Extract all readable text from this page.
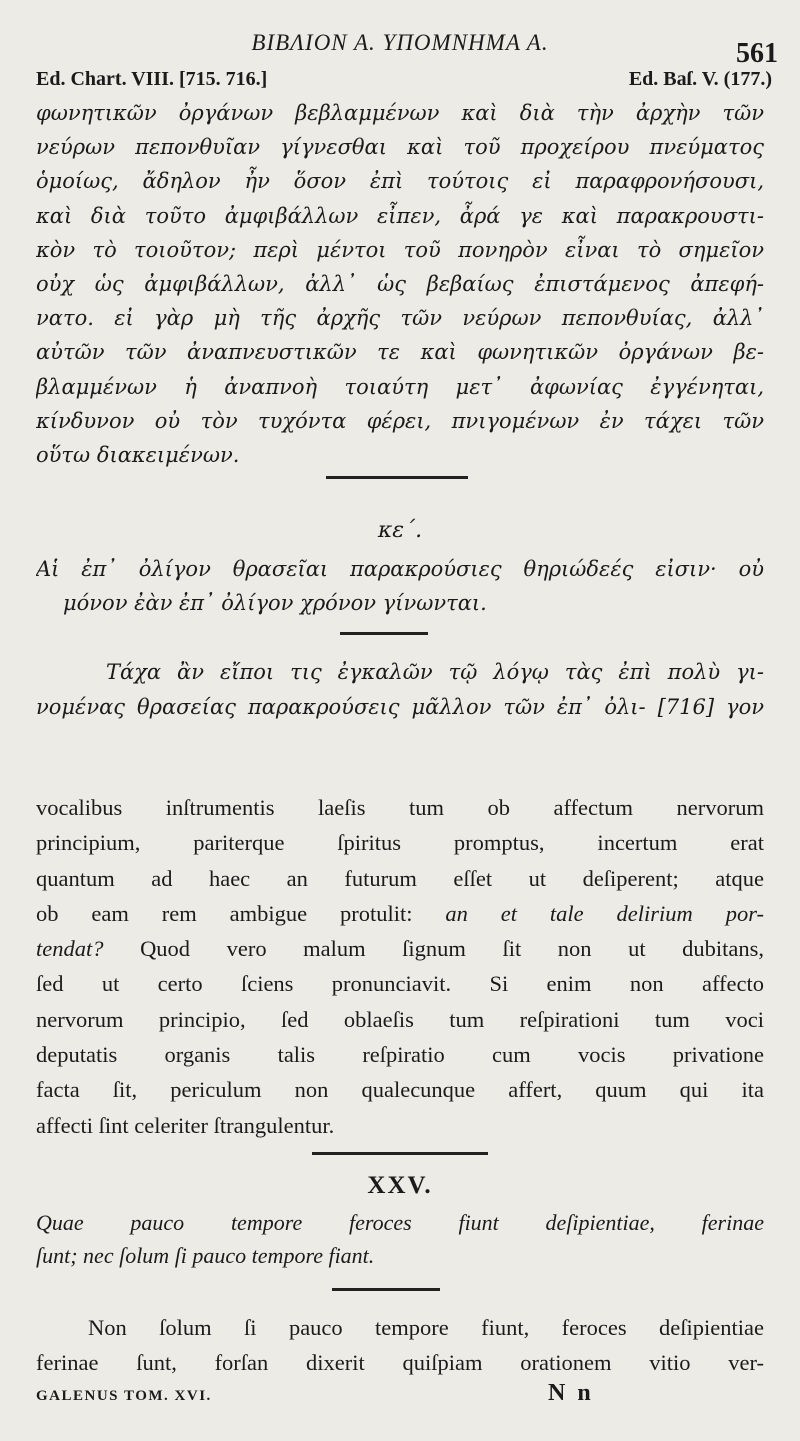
ΒΙΒΛΙΟΝ Α. ΥΠΟΜΝΗΜΑ Α.	561
Ed. Chart. VIII. [715. 716.]	Ed. Baſ. V. (177.)
φωνητικῶν ὀργάνων βεβλαμμένων καὶ διὰ τὴν ἀρχὴν τῶν
νεύρων πεπονθυῖαν γίγνεσθαι καὶ τοῦ προχείρου πνεύματος
ὁμοίως, ἄδηλον ἦν ὅσον ἐπὶ τούτοις εἰ παραφρονήσουσι,
καὶ διὰ τοῦτο ἀμφιβάλλων εἶπεν, ἆρά γε καὶ παρακρουστι-
κὸν τὸ τοιοῦτον; περὶ μέντοι τοῦ πονηρὸν εἶναι τὸ σημεῖον
οὐχ ὡς ἀμφιβάλλων, ἀλλ᾽ ὡς βεβαίως ἐπιστάμενος ἀπεφή-
νατο. εἰ γὰρ μὴ τῆς ἀρχῆς τῶν νεύρων πεπονθυίας, ἀλλ᾽
αὐτῶν τῶν ἀναπνευστικῶν τε καὶ φωνητικῶν ὀργάνων βε-
βλαμμένων ἡ ἀναπνοὴ τοιαύτη μετ᾽ ἀφωνίας ἐγγένηται,
κίνδυνον οὐ τὸν τυχόντα φέρει, πνιγομένων ἐν τάχει τῶν
οὕτω διακειμένων.
κε΄.
Αἱ ἐπ᾽ ὀλίγον θρασεῖαι παρακρούσιες θηριώδεές εἰσιν· οὐ
μόνον ἐὰν ἐπ᾽ ὀλίγον χρόνον γίνωνται.
Τάχα ἂν εἴποι τις ἐγκαλῶν τῷ λόγῳ τὰς ἐπὶ πολὺ γι-
νομένας θρασείας παρακρούσεις μᾶλλον τῶν ἐπ᾽ ὀλι- [716] γον
vocalibus inſtrumentis laeſis tum ob affectum nervorum
principium, pariterque ſpiritus promptus, incertum erat
quantum ad haec an futurum eſſet ut deſiperent; atque
ob eam rem ambigue protulit: an et tale delirium por-
tendat? Quod vero malum ſignum ſit non ut dubitans,
ſed ut certo ſciens pronunciavit. Si enim non affecto
nervorum principio, ſed oblaeſis tum reſpirationi tum voci
deputatis organis talis reſpiratio cum vocis privatione
facta ſit, periculum non qualecunque affert, quum qui ita
affecti ſint celeriter ſtrangulentur.
XXV.
Quae pauco tempore feroces fiunt deſipientiae, ferinae
ſunt; nec ſolum ſi pauco tempore fiant.
Non ſolum ſi pauco tempore fiunt, feroces deſipientiae
ferinae ſunt, forſan dixerit quiſpiam orationem vitio ver-
GALENUS TOM. XVI.	N n
